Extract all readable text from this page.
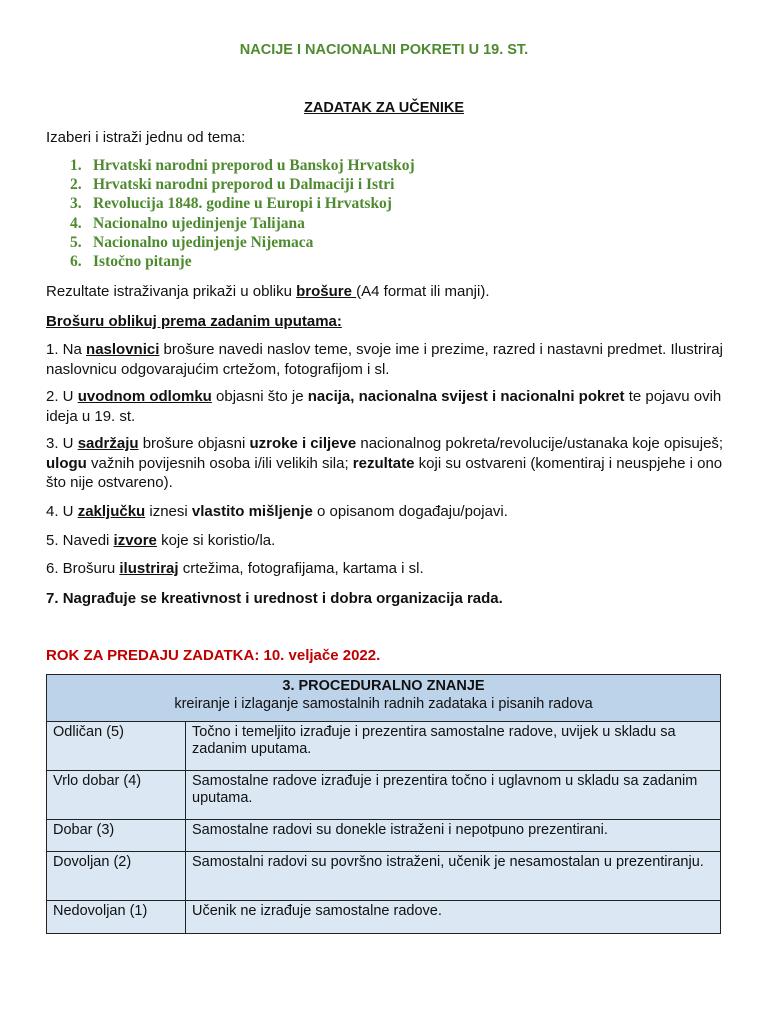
NACIJE I NACIONALNI POKRETI U 19. ST.
ZADATAK ZA UČENIKE
Izaberi i istraži jednu od tema:
1. Hrvatski narodni preporod u Banskoj Hrvatskoj
2. Hrvatski narodni preporod u Dalmaciji i Istri
3. Revolucija 1848. godine u Europi i Hrvatskoj
4. Nacionalno ujedinjenje Talijana
5. Nacionalno ujedinjenje Nijemaca
6. Istočno pitanje
Rezultate istraživanja prikaži u obliku brošure (A4 format ili manji).
Brošuru oblikuj prema zadanim uputama:
1. Na naslovnici brošure navedi naslov teme, svoje ime i prezime, razred i nastavni predmet. Ilustriraj naslovnicu odgovarajućim crtežom, fotografijom i sl.
2. U uvodnom odlomku objasni što je nacija, nacionalna svijest i nacionalni pokret te pojavu ovih ideja u 19. st.
3. U sadržaju brošure objasni uzroke i ciljeve nacionalnog pokreta/revolucije/ustanaka koje opisuješ; ulogu važnih povijesnih osoba i/ili velikih sila; rezultate koji su ostvareni (komentiraj i neuspjehe i ono što nije ostvareno).
4. U zaključku iznesi vlastito mišljenje o opisanom događaju/pojavi.
5. Navedi izvore koje si koristio/la.
6. Brošuru ilustriraj crtežima, fotografijama, kartama i sl.
7. Nagrađuje se kreativnost i urednost i dobra organizacija rada.
ROK ZA PREDAJU ZADATKA: 10. veljače 2022.
3. PROCEDURALNO ZNANJE
kreiranje i izlaganje samostalnih radnih zadataka i pisanih radova	
Odličan (5)	Točno i temeljito izrađuje i prezentira samostalne radove, uvijek u skladu sa zadanim uputama.
Vrlo dobar (4)	Samostalne radove izrađuje i prezentira točno i uglavnom u skladu sa zadanim uputama.
Dobar (3)	Samostalne radovi su donekle istraženi i nepotpuno prezentirani.
Dovoljan (2)	Samostalni radovi su površno istraženi, učenik je nesamostalan u prezentiranju.
Nedovoljan (1)	Učenik ne izrađuje samostalne radove.
